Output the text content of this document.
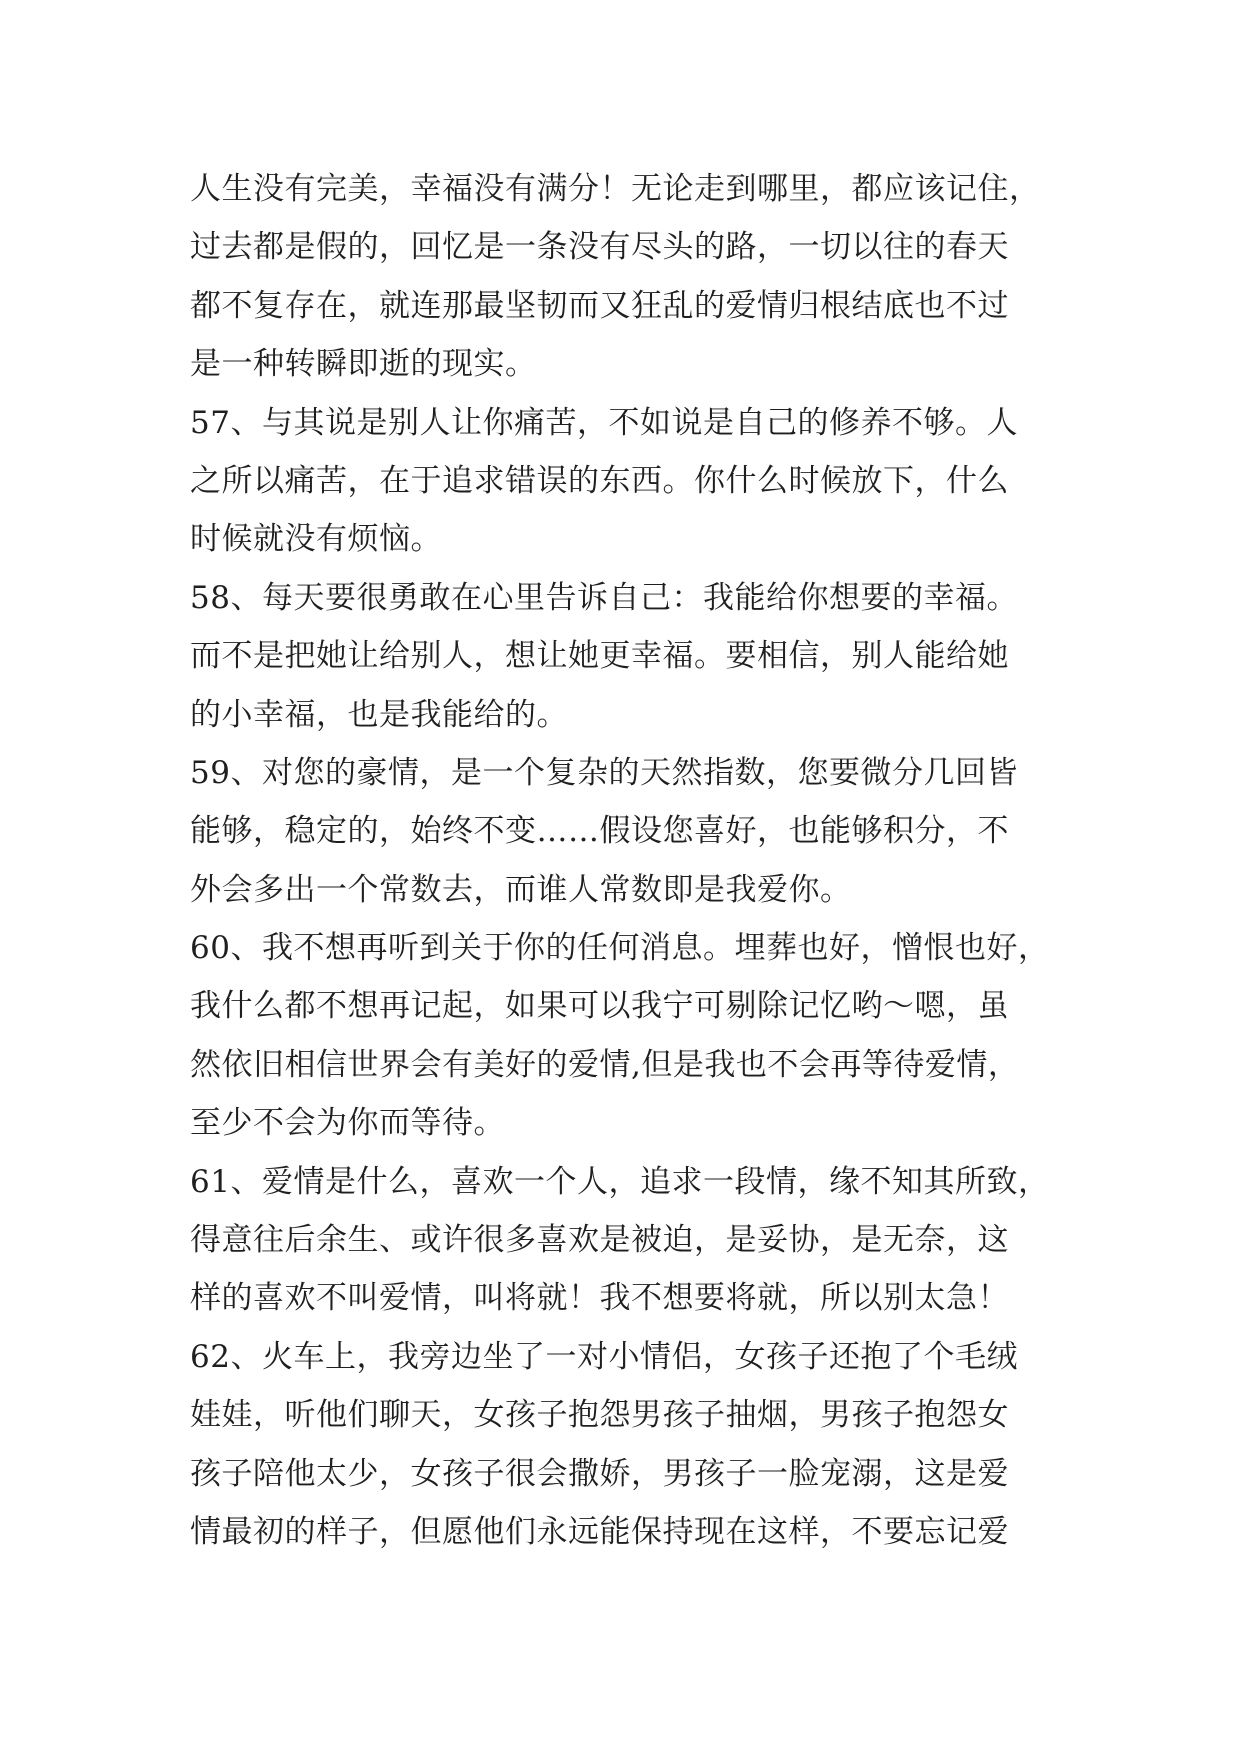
人生没有完美，幸福没有满分！无论走到哪里，都应该记住，
过去都是假的，回忆是一条没有尽头的路，一切以往的春天
都不复存在，就连那最坚韧而又狂乱的爱情归根结底也不过
是一种转瞬即逝的现实。
57、与其说是别人让你痛苦，不如说是自己的修养不够。人
之所以痛苦，在于追求错误的东西。你什么时候放下，什么
时候就没有烦恼。
58、每天要很勇敢在心里告诉自己：我能给你想要的幸福。
而不是把她让给别人，想让她更幸福。要相信，别人能给她
的小幸福，也是我能给的。
59、对您的豪情，是一个复杂的天然指数，您要微分几回皆
能够，稳定的，始终不变……假设您喜好，也能够积分，不
外会多出一个常数去，而谁人常数即是我爱你。
60、我不想再听到关于你的任何消息。埋葬也好，憎恨也好，
我什么都不想再记起，如果可以我宁可剔除记忆哟～嗯，虽
然依旧相信世界会有美好的爱情,但是我也不会再等待爱情，
至少不会为你而等待。
61、爱情是什么，喜欢一个人，追求一段情，缘不知其所致，
得意往后余生、或许很多喜欢是被迫，是妥协，是无奈，这
样的喜欢不叫爱情，叫将就！我不想要将就，所以别太急！
62、火车上，我旁边坐了一对小情侣，女孩子还抱了个毛绒
娃娃，听他们聊天，女孩子抱怨男孩子抽烟，男孩子抱怨女
孩子陪他太少，女孩子很会撒娇，男孩子一脸宠溺，这是爱
情最初的样子，但愿他们永远能保持现在这样，不要忘记爱
